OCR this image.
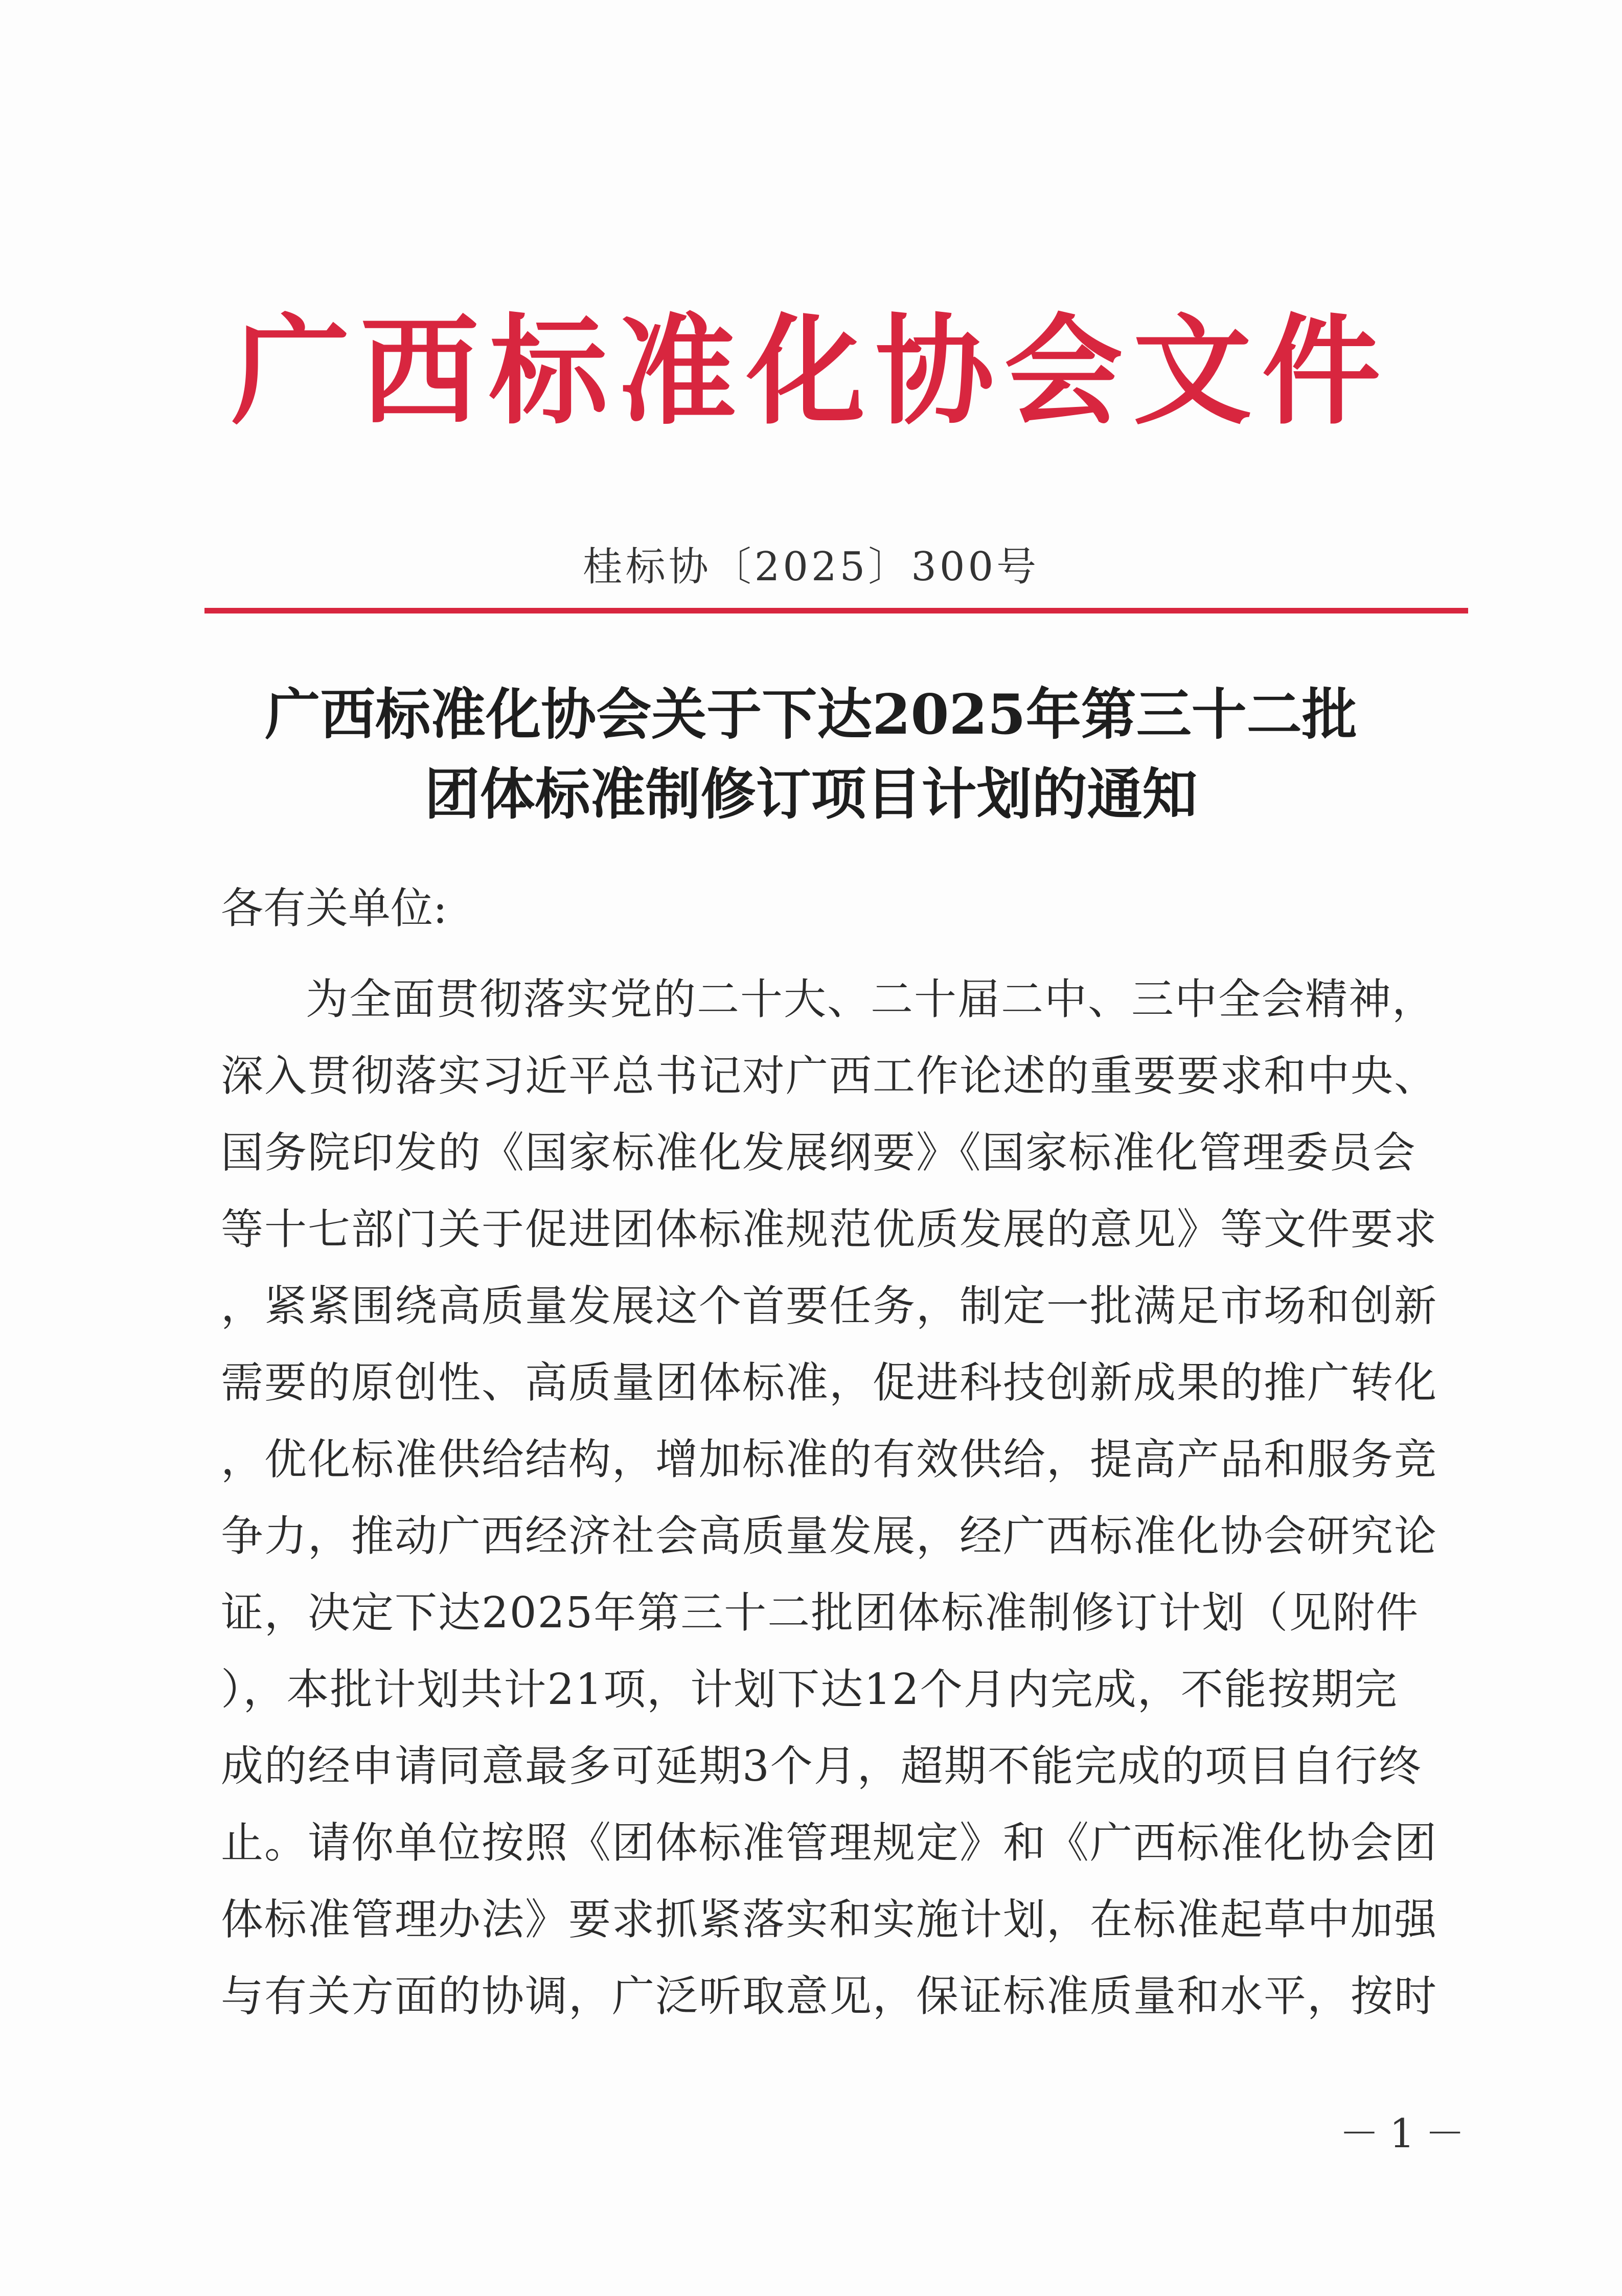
广西标准化协会文件
桂标协〔2025〕300号
广西标准化协会关于下达2025年第三十二批
团体标准制修订项目计划的通知
各有关单位:
为全面贯彻落实党的二十大、二十届二中、三中全会精神，
深入贯彻落实习近平总书记对广西工作论述的重要要求和中央、
国务院印发的《国家标准化发展纲要》《国家标准化管理委员会
等十七部门关于促进团体标准规范优质发展的意见》等文件要求
，紧紧围绕高质量发展这个首要任务，制定一批满足市场和创新
需要的原创性、高质量团体标准，促进科技创新成果的推广转化
，优化标准供给结构，增加标准的有效供给，提高产品和服务竞
争力，推动广西经济社会高质量发展，经广西标准化协会研究论
证，决定下达2025年第三十二批团体标准制修订计划（见附件
），本批计划共计21项，计划下达12个月内完成，不能按期完
成的经申请同意最多可延期3个月，超期不能完成的项目自行终
止。请你单位按照《团体标准管理规定》和《广西标准化协会团
体标准管理办法》要求抓紧落实和实施计划，在标准起草中加强
与有关方面的协调，广泛听取意见，保证标准质量和水平，按时
－1－
